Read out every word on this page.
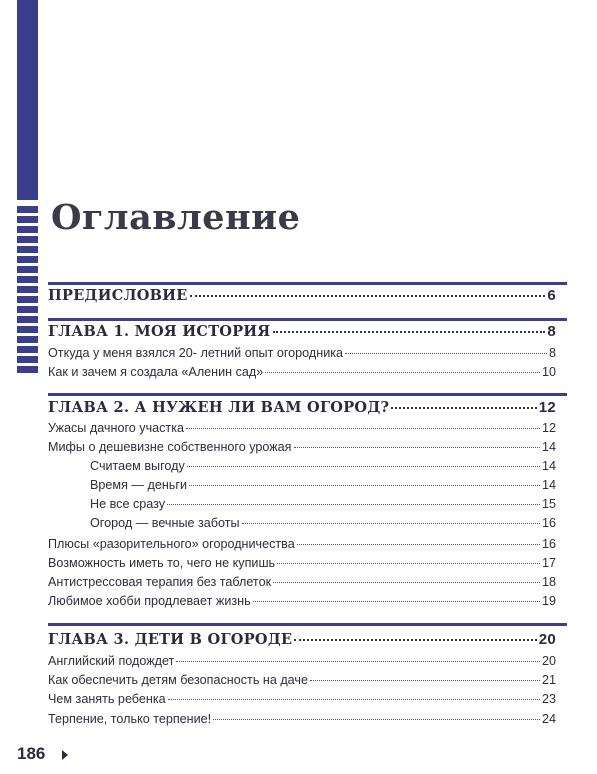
Оглавление
ПРЕДИСЛОВИЕ	6
ГЛАВА 1. МОЯ ИСТОРИЯ	8
Откуда у меня взялся 20- летний опыт огородника	8
Как и зачем я создала «Аленин сад»	10
ГЛАВА 2. А НУЖЕН ЛИ ВАМ ОГОРОД?	12
Ужасы дачного участка	12
Мифы о дешевизне собственного урожая	14
Считаем выгоду	14
Время — деньги	14
Не все сразу	15
Огород — вечные заботы	16
Плюсы «разорительного» огородничества	16
Возможность иметь то, чего не купишь	17
Антистрессовая терапия без таблеток	18
Любимое хобби продлевает жизнь	19
ГЛАВА 3. ДЕТИ В ОГОРОДЕ	20
Английский подождет	20
Как обеспечить детям безопасность на даче	21
Чем занять ребенка	23
Терпение, только терпение!	24
186
